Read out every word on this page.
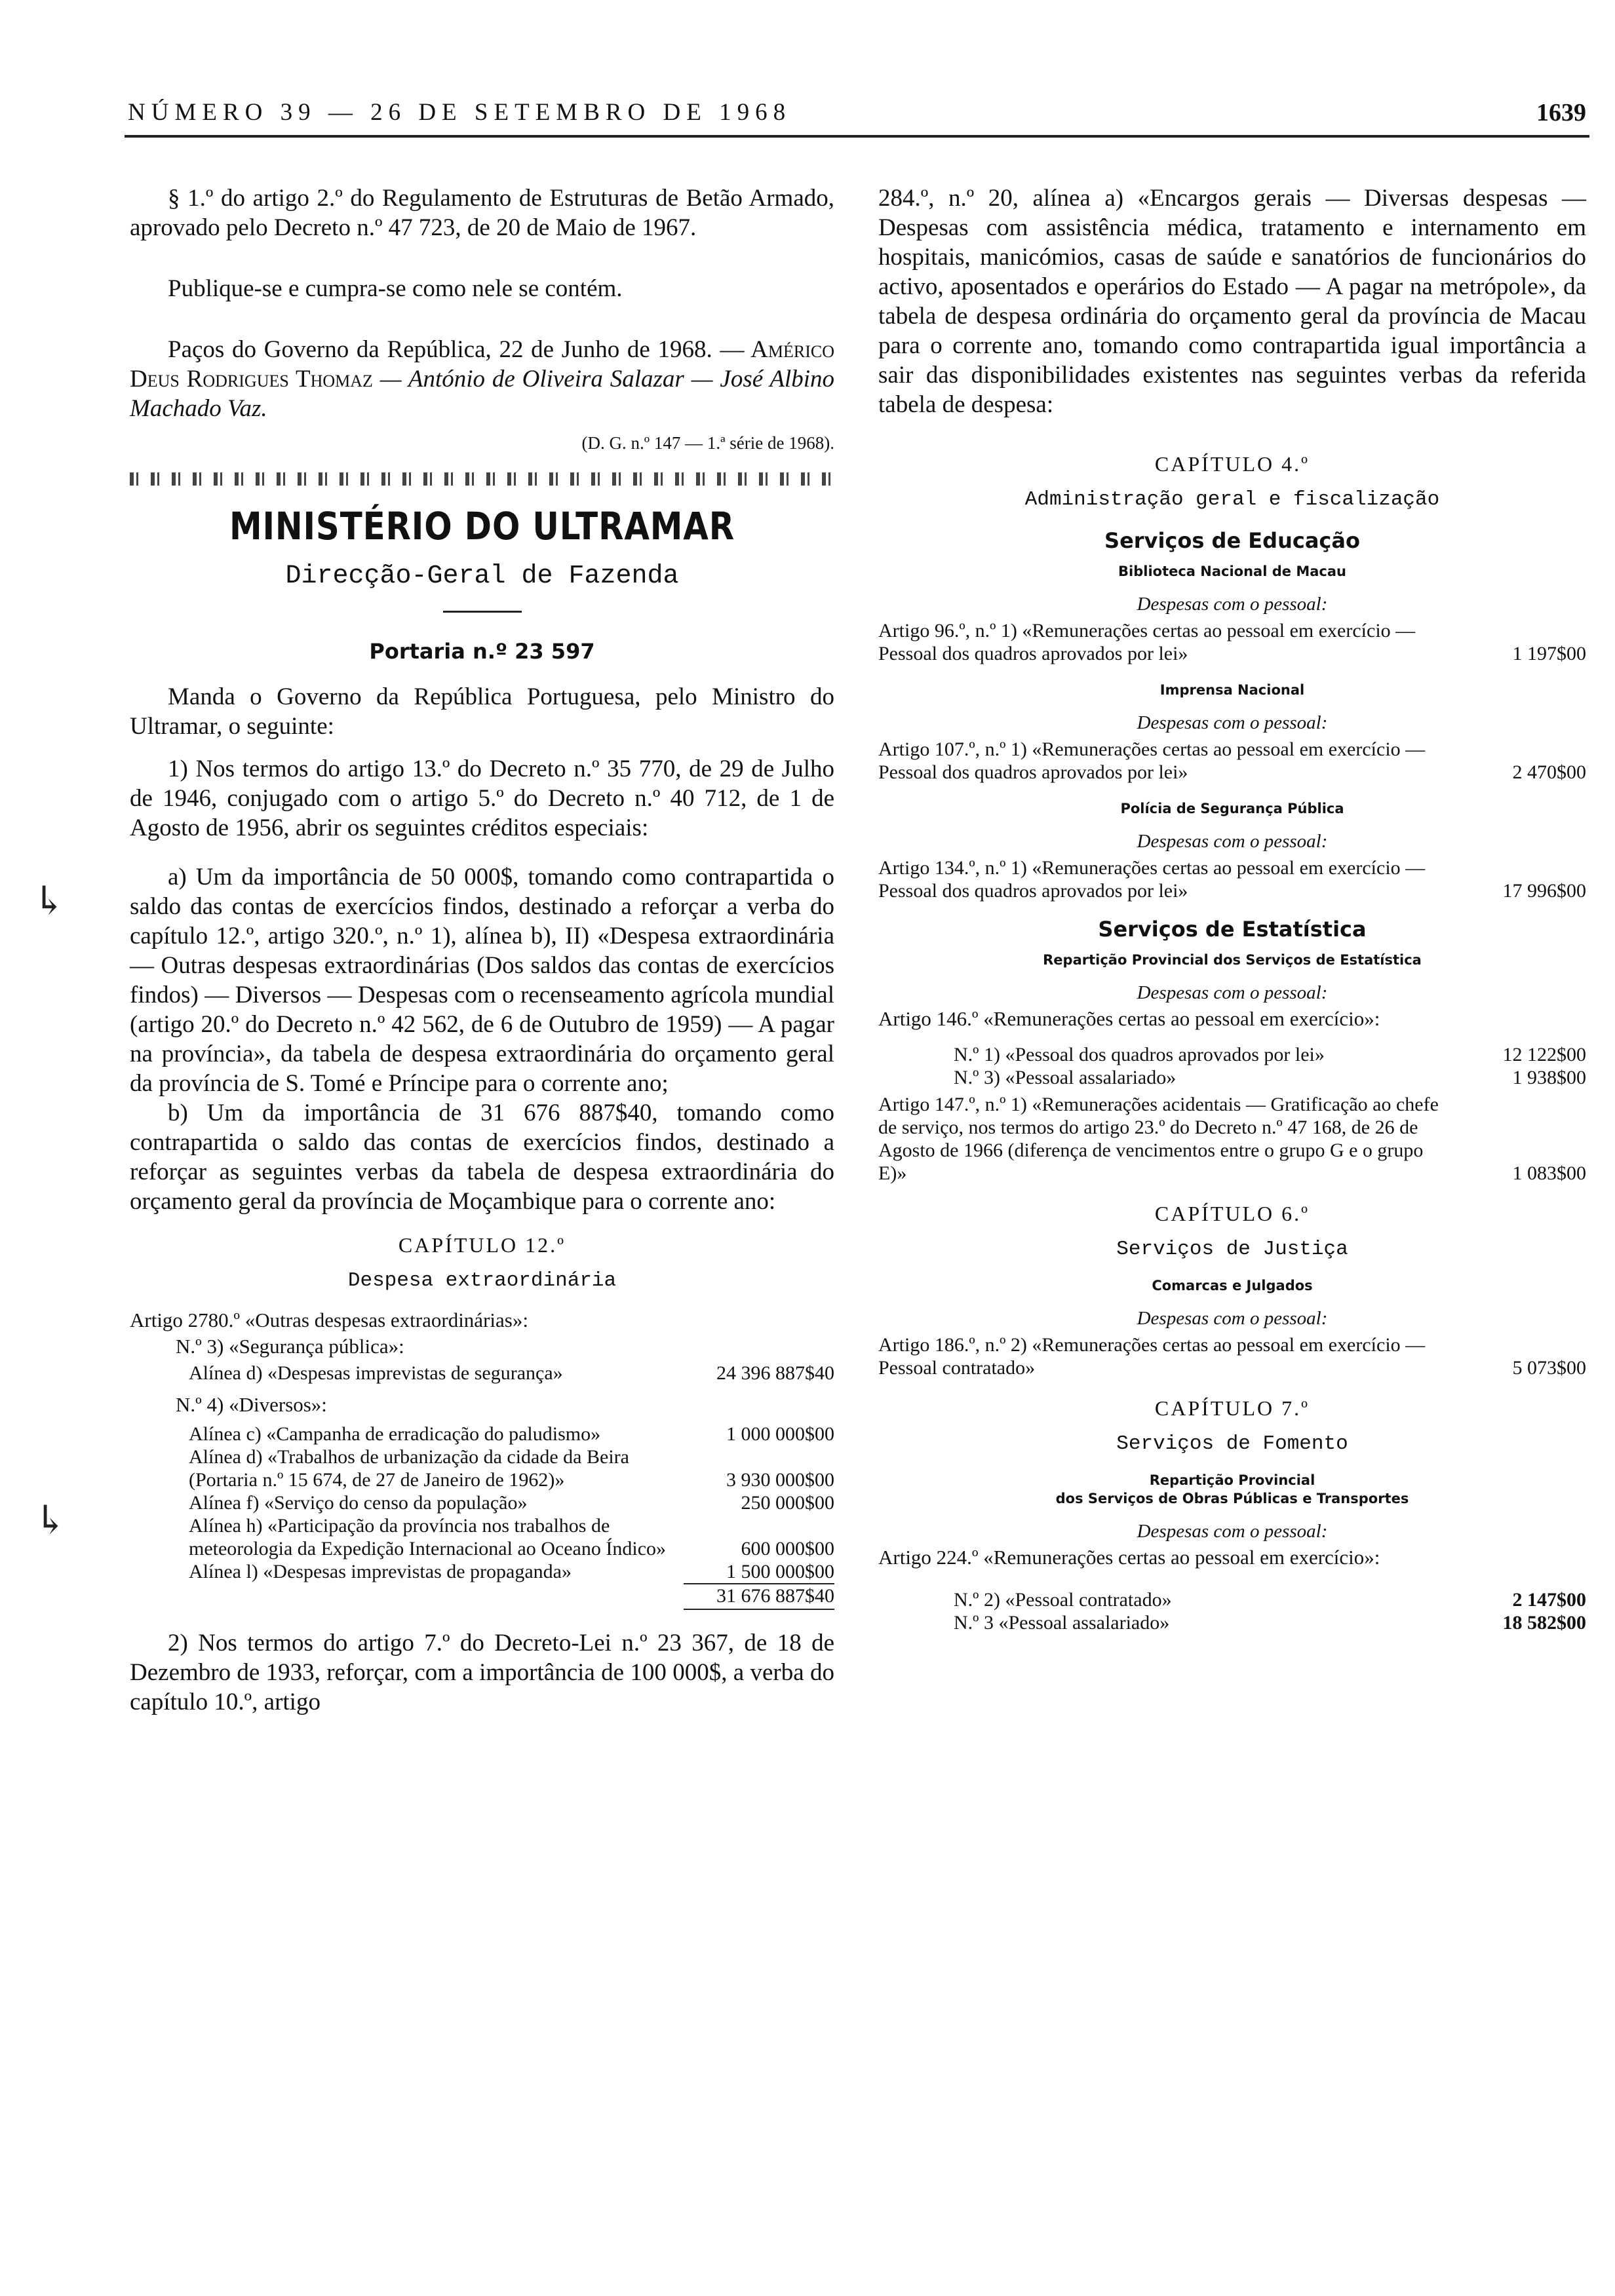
NÚMERO 39 — 26 DE SETEMBRO DE 1968	1639

§ 1.º do artigo 2.º do Regulamento de Estruturas de Betão Armado, aprovado pelo Decreto n.º 47 723, de 20 de Maio de 1967.

Publique-se e cumpra-se como nele se contém.

Paços do Governo da República, 22 de Junho de 1968. — Américo Deus Rodrigues Thomaz — António de Oliveira Salazar — José Albino Machado Vaz.

(D. G. n.º 147 — 1.ª série de 1968).

MINISTÉRIO DO ULTRAMAR
Direcção-Geral de Fazenda
Portaria n.º 23 597

Manda o Governo da República Portuguesa, pelo Ministro do Ultramar, o seguinte:

1) Nos termos do artigo 13.º do Decreto n.º 35 770, de 29 de Julho de 1946, conjugado com o artigo 5.º do Decreto n.º 40 712, de 1 de Agosto de 1956, abrir os seguintes créditos especiais:

a) Um da importância de 50 000$, tomando como contrapartida o saldo das contas de exercícios findos, destinado a reforçar a verba do capítulo 12.º, artigo 320.º, n.º 1), alínea b), II) «Despesa extraordinária — Outras despesas extraordinárias (Dos saldos das contas de exercícios findos) — Diversos — Despesas com o recenseamento agrícola mundial (artigo 20.º do Decreto n.º 42 562, de 6 de Outubro de 1959) — A pagar na província», da tabela de despesa extraordinária do orçamento geral da província de S. Tomé e Príncipe para o corrente ano;

b) Um da importância de 31 676 887$40, tomando como contrapartida o saldo das contas de exercícios findos, destinado a reforçar as seguintes verbas da tabela de despesa extraordinária do orçamento geral da província de Moçambique para o corrente ano:

CAPÍTULO 12.º
Despesa extraordinária
Artigo 2780.º «Outras despesas extraordinárias»:
N.º 3) «Segurança pública»:
Alínea d) «Despesas imprevistas de segurança»	24 396 887$40
N.º 4) «Diversos»:
Alínea c) «Campanha de erradicação do paludismo»	1 000 000$00
Alínea d) «Trabalhos de urbanização da cidade da Beira (Portaria n.º 15 674, de 27 de Janeiro de 1962)»	3 930 000$00
Alínea f) «Serviço do censo da população»	250 000$00
Alínea h) «Participação da província nos trabalhos de meteorologia da Expedição Internacional ao Oceano Índico»	600 000$00
Alínea l) «Despesas imprevistas de propaganda»	1 500 000$00
31 676 887$40

2) Nos termos do artigo 7.º do Decreto-Lei n.º 23 367, de 18 de Dezembro de 1933, reforçar, com a importância de 100 000$, a verba do capítulo 10.º, artigo

284.º, n.º 20, alínea a) «Encargos gerais — Diversas despesas — Despesas com assistência médica, tratamento e internamento em hospitais, manicómios, casas de saúde e sanatórios de funcionários do activo, aposentados e operários do Estado — A pagar na metrópole», da tabela de despesa ordinária do orçamento geral da província de Macau para o corrente ano, tomando como contrapartida igual importância a sair das disponibilidades existentes nas seguintes verbas da referida tabela de despesa:

CAPÍTULO 4.º
Administração geral e fiscalização
Serviços de Educação
Biblioteca Nacional de Macau
Despesas com o pessoal:
Artigo 96.º, n.º 1) «Remunerações certas ao pessoal em exercício — Pessoal dos quadros aprovados por lei»	1 197$00
Imprensa Nacional
Despesas com o pessoal:
Artigo 107.º, n.º 1) «Remunerações certas ao pessoal em exercício — Pessoal dos quadros aprovados por lei»	2 470$00
Polícia de Segurança Pública
Despesas com o pessoal:
Artigo 134.º, n.º 1) «Remunerações certas ao pessoal em exercício — Pessoal dos quadros aprovados por lei»	17 996$00
Serviços de Estatística
Repartição Provincial dos Serviços de Estatística
Despesas com o pessoal:
Artigo 146.º «Remunerações certas ao pessoal em exercício»:
N.º 1) «Pessoal dos quadros aprovados por lei»	12 122$00
N.º 3) «Pessoal assalariado»	1 938$00
Artigo 147.º, n.º 1) «Remunerações acidentais — Gratificação ao chefe de serviço, nos termos do artigo 23.º do Decreto n.º 47 168, de 26 de Agosto de 1966 (diferença de vencimentos entre o grupo G e o grupo E)»	1 083$00
CAPÍTULO 6.º
Serviços de Justiça
Comarcas e Julgados
Despesas com o pessoal:
Artigo 186.º, n.º 2) «Remunerações certas ao pessoal em exercício — Pessoal contratado»	5 073$00
CAPÍTULO 7.º
Serviços de Fomento
Repartição Provincial
dos Serviços de Obras Públicas e Transportes
Despesas com o pessoal:
Artigo 224.º «Remunerações certas ao pessoal em exercício»:
N.º 2) «Pessoal contratado»	2 147$00
N.º 3 «Pessoal assalariado»	18 582$00
↳
↳
